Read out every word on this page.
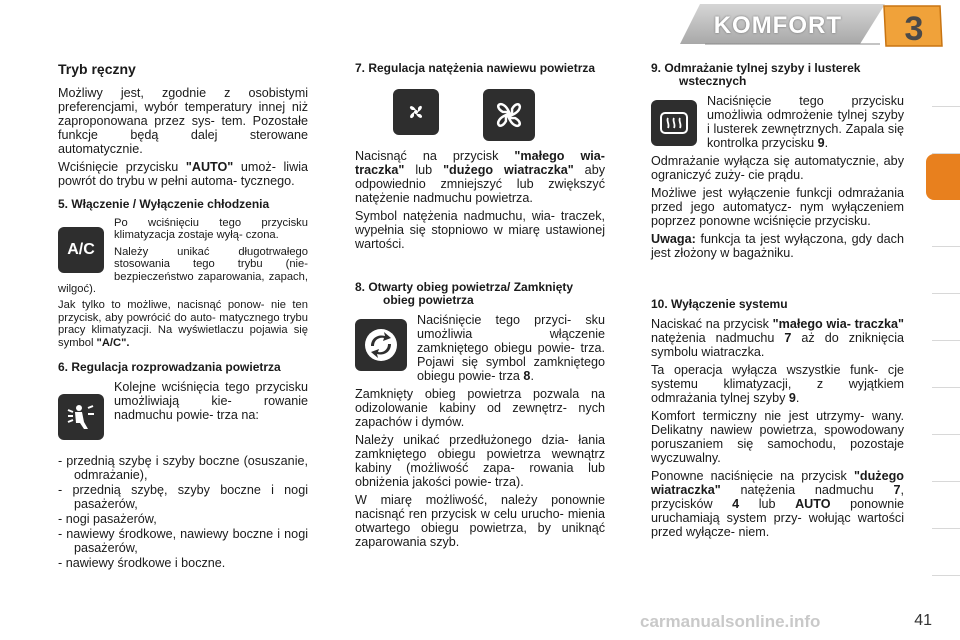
KOMFORT 3
Tryb ręczny

Możliwy jest, zgodnie z osobistymi preferencjami, wybór temperatury innej niż zaproponowana przez sys- tem. Pozostałe funkcje będą dalej sterowane automatycznie.

Wciśnięcie przycisku "AUTO" umoż- liwia powrót do trybu w pełni automa- tycznego.

5. Włączenie / Wyłączenie chłodzenia
A/C

Po wciśnięciu tego przycisku klimatyzacja zostaje wyłą- czona.

Należy unikać długotrwałego stosowania tego trybu (nie- bezpieczeństwo zaparowania, zapach, wilgoć).

Jak tylko to możliwe, nacisnąć ponow- nie ten przycisk, aby powrócić do auto- matycznego trybu pracy klimatyzacji. Na wyświetlaczu pojawia się symbol "A/C".

6. Regulacja rozprowadzania powietrza

Kolejne wciśnięcia tego przycisku umożliwiają kie- rowanie nadmuchu powie- trza na:

- przednią szybę i szyby boczne (osuszanie, odmrażanie),
- przednią szybę, szyby boczne i nogi pasażerów,
- nogi pasażerów,
- nawiewy środkowe, nawiewy boczne i nogi pasażerów,
- nawiewy środkowe i boczne.
7. Regulacja natężenia nawiewu powietrza

Nacisnąć na przycisk "małego wia- traczka" lub "dużego wiatraczka" aby odpowiednio zmniejszyć lub zwiększyć natężenie nadmuchu powietrza.

Symbol natężenia nadmuchu, wia- traczek, wypełnia się stopniowo w miarę ustawionej wartości.

8. Otwarty obieg powietrza/ Zamknięty obieg powietrza

Naciśnięcie tego przyci- sku umożliwia włączenie zamkniętego obiegu powie- trza. Pojawi się symbol zamkniętego obiegu powie- trza 8.

Zamknięty obieg powietrza pozwala na odizolowanie kabiny od zewnętrz- nych zapachów i dymów.

Należy unikać przedłużonego dzia- łania zamkniętego obiegu powietrza wewnątrz kabiny (możliwość zapa- rowania lub obniżenia jakości powie- trza).

W miarę możliwość, należy ponownie nacisnąć ren przycisk w celu urucho- mienia otwartego obiegu powietrza, by uniknąć zaparowania szyb.

9. Odmrażanie tylnej szyby i lusterek wstecznych

Naciśnięcie tego przycisku umożliwia odmrożenie tylnej szyby i lusterek zewnętrznych. Zapala się kontrolka przycisku 9.

Odmrażanie wyłącza się automatycznie, aby ograniczyć zuży- cie prądu.

Możliwe jest wyłączenie funkcji odmrażania przed jego automatycz- nym wyłączeniem poprzez ponowne wciśnięcie przycisku.

Uwaga: funkcja ta jest wyłączona, gdy dach jest złożony w bagażniku.

10. Wyłączenie systemu

Naciskać na przycisk "małego wia- traczka" natężenia nadmuchu 7 aż do zniknięcia symbolu wiatraczka.

Ta operacja wyłącza wszystkie funk- cje systemu klimatyzacji, z wyjątkiem odmrażania tylnej szyby 9.

Komfort termiczny nie jest utrzymy- wany. Delikatny nawiew powietrza, spowodowany poruszaniem się samochodu, pozostaje wyczuwalny.

Ponowne naciśnięcie na przycisk "dużego wiatraczka" natężenia nadmuchu 7, przycisków 4 lub AUTO ponownie uruchamiają system przy- wołując wartości przed wyłącze- niem.

carmanualsonline.info	41
